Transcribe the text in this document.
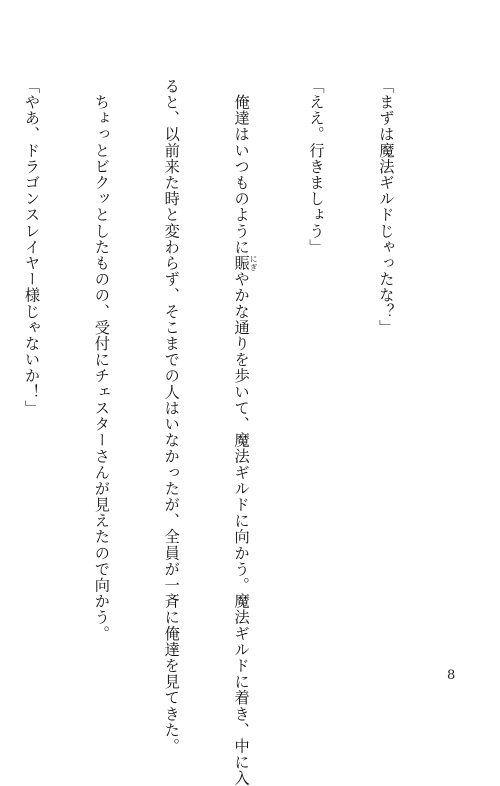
「まずは魔法ギルドじゃったな？」

「ええ。行きましょう」

　俺達はいつものように賑にぎやかな通りを歩いて、魔法ギルドに向かう。魔法ギルドに着き、中に入

ると、以前来た時と変わらず、そこまでの人はいなかったが、全員が一斉に俺達を見てきた。

　ちょっとビクッとしたものの、受付にチェスターさんが見えたので向かう。

「やあ、ドラゴンスレイヤー様じゃないか！」

8
